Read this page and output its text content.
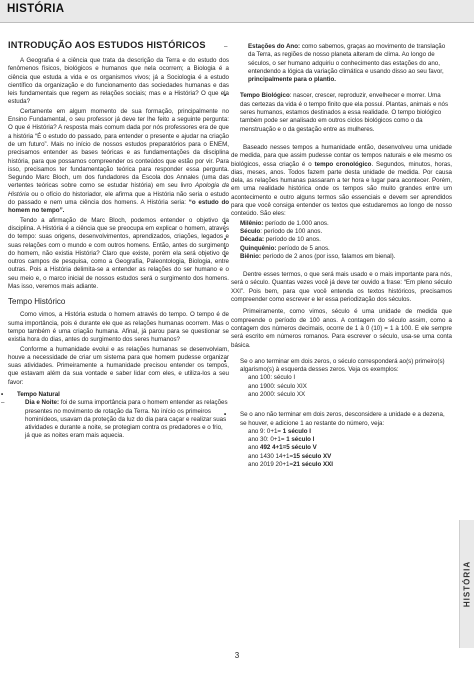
HISTÓRIA
INTRODUÇÃO AOS ESTUDOS HISTÓRICOS

A Geografia é a ciência que trata da descrição da Terra e do estudo dos fenômenos físicos, biológicos e humanos que nela ocorrem; a Biologia é a ciência que estuda a vida e os organismos vivos; já a Sociologia é a estudo científico da organização e do funcionamento das sociedades humanas e das leis fundamentais que regem as relações sociais; mas e a História? O que ela estuda?

Certamente em algum momento de sua formação, principalmente no Ensino Fundamental, o seu professor já deve ter lhe feito a seguinte pergunta: O que é História? A resposta mais comum dada por nós professores era de que a história “É o estudo do passado, para entender o presente e ajudar na criação de um futuro”. Mais no início de nossos estudos preparatórios para o ENEM, precisamos entender as bases teóricas e as fundamentações da disciplina história, para que possamos compreender os conteúdos que estão por vir. Para isso, precisamos ter fundamentação teórica para responder essa pergunta. Segundo Marc Bloch, um dos fundadores da Escola dos Annales (uma das vertentes teóricas sobre como se estudar história) em seu livro Apologia da História ou o ofício do historiador, ele afirma que a História não seria o estudo do passado e nem uma ciência dos homens. A História seria: “o estudo do homem no tempo”.

Tendo a afirmação de Marc Bloch, podemos entender o objetivo da disciplina. A História é a ciência que se preocupa em explicar o homem, através do tempo: suas origens, desenvolvimentos, aprendizados, criações, legados e suas relações com o mundo e com outros homens. Então, antes do surgimento do homem, não existia História? Claro que existe, porém ela será objetivo de outros campos de pesquisa, como a Geografia, Paleontologia, Biologia, entre outras. Pois a História delimita-se a entender as relações do ser humano e o seu meio e, o marco inicial de nossos estudos será o surgimento dos homens. Mas isso, veremos mais adiante.

Tempo Histórico

Como vimos, a História estuda o homem através do tempo. O tempo é de suma importância, pois é durante ele que as relações humanas ocorrem. Mas o tempo também é uma criação humana. Afinal, já parou para se questionar se existia hora do dias, antes do surgimento dos seres humanos?

Conforme a humanidade evolui e as relações humanas se desenvolviam, houve a necessidade de criar um sistema para que homem pudesse organizar suas atividades. Primeiramente a humanidade precisou entender os tempos, que estavam além da sua vontade e saber lidar com eles, e utiliza-los a seu favor:

• Tempo Natural
– Dia e Noite: foi de suma importância para o homem entender as relações presentes no movimento de rotação da Terra. No início os primeiros hominídeos, usavam da proteção da luz do dia para caçar e realizar suas atividades e durante a noite, se protegiam contra os predadores e o frio, já que as noites eram mais aquecia.
– Estações do Ano: como sabemos, graças ao movimento de translação da Terra, as regiões de nosso planeta alteram de clima. Ao longo de séculos, o ser humano adquiriu o conhecimento das estações do ano, entendendo a lógica da variação climática e usando disso ao seu favor, principalmente para o plantio.
• Tempo Biológico: nascer, crescer, reproduzir, envelhecer e morrer. Uma das certezas da vida é o tempo finito que ela possui. Plantas, animais e nós seres humanos, estamos destinados a essa realidade. O tempo biológico também pode ser analisado em outros ciclos biológicos como o da menstruação e o da gestação entre as mulheres.

Baseado nesses tempos a humanidade então, desenvolveu uma unidade de medida, para que assim pudesse contar os tempos naturais e ele mesmo os biológicos, essa criação é o tempo cronológico. Segundos, minutos, horas, dias, meses, anos. Todos fazem parte desta unidade de medida. Por causa dela, as relações humanas passaram a ter hora e lugar para acontecer. Porém, em uma realidade histórica onde os tempos são muito grandes entre um acontecimento e outro alguns termos são essenciais e devem ser aprendidos para que você consiga entender os textos que estudaremos ao longo de nosso conteúdo. São eles:

• Milênio: período de 1.000 anos.
• Século: período de 100 anos.
• Década: período de 10 anos.
• Quinquênio: período de 5 anos.
• Biênio: período de 2 anos (por isso, falamos em bienal).

Dentre esses termos, o que será mais usado e o mais importante para nós, será o século. Quantas vezes você já deve ter ouvido a frase: “Em pleno século XXI”. Pois bem, para que você entenda os textos históricos, precisamos compreender como escrever e ler essa periodização dos séculos.

Primeiramente, como vimos, século é uma unidade de medida que compreende o período de 100 anos. A contagem do século assim, como a contagem dos números decimais, ocorre de 1 à 0 (10) = 1 à 100. E ele sempre será escrito em números romanos. Para escrever o século, usa-se uma conta básica.

• Se o ano terminar em dois zeros, o século corresponderá ao(s) primeiro(s) algarismo(s) à esquerda desses zeros. Veja os exemplos:
ano 100: século I
ano 1900: século XIX
ano 2000: século XX
• Se o ano não terminar em dois zeros, desconsidere a unidade e a dezena, se houver, e adicione 1 ao restante do número, veja:
ano 9: 0+1= 1 século I
ano 30: 0+1= 1 século I
ano 492 4+1=5 século V
ano 1430 14+1=15 século XV
ano 2019 20+1=21 século XXI
HISTÓRIA
3
